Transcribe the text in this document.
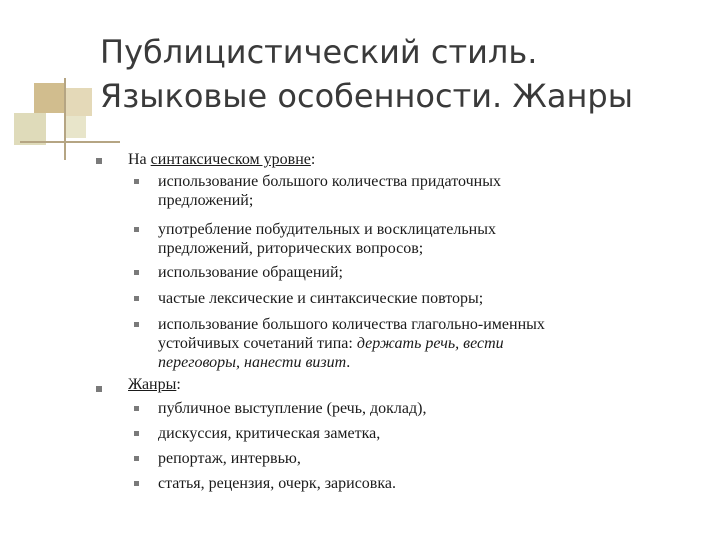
Публицистический стиль.
Языковые особенности. Жанры
На синтаксическом уровне:
использование большого количества придаточных
предложений;
употребление побудительных и восклицательных
предложений, риторических вопросов;
использование обращений;
частые лексические и синтаксические повторы;
использование большого количества глагольно-именных
устойчивых сочетаний типа: держать речь, вести
переговоры, нанести визит.
Жанры:
публичное выступление (речь, доклад),
дискуссия, критическая заметка,
репортаж, интервью,
статья, рецензия, очерк, зарисовка.
